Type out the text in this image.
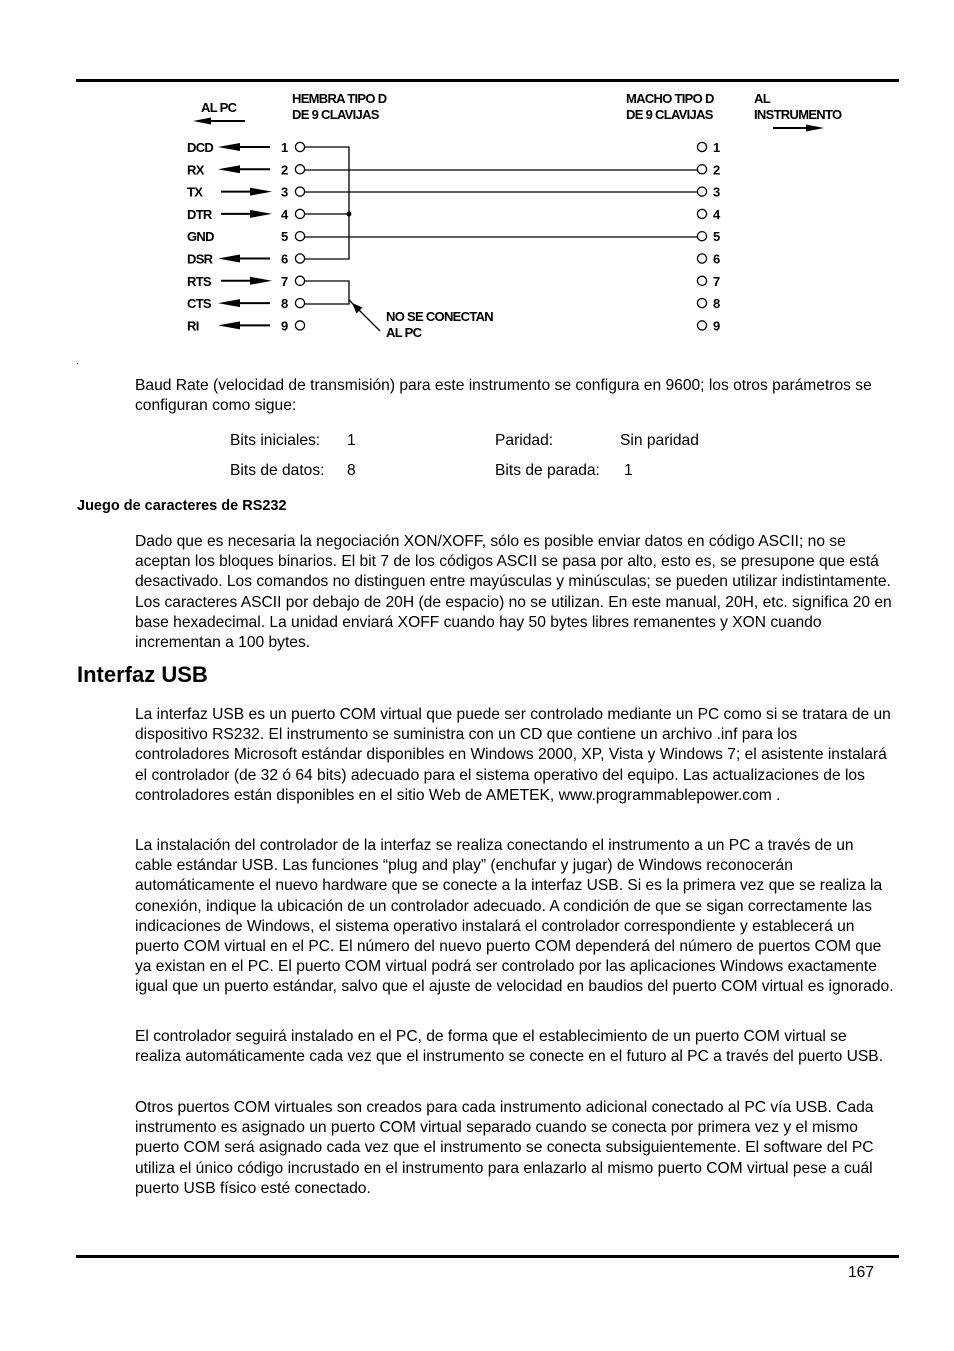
AL PC
HEMBRA TIPO D
DE 9 CLAVIJAS
MACHO TIPO D
DE 9 CLAVIJAS
AL
INSTRUMENTO
DCD	1	1
RX	2	2
TX	3	3
DTR	4	4
GND	5	5
DSR	6	6
RTS	7	7
CTS	8	8
RI	9	9
NO SE CONECTAN
AL PC
.

Baud Rate (velocidad de transmisión) para este instrumento se configura en 9600; los otros parámetros se configuran como sigue:

Bits iniciales: 1	Paridad:	Sin paridad
Bits de datos: 8	Bits de parada: 1
Juego de caracteres de RS232

Dado que es necesaria la negociación XON/XOFF, sólo es posible enviar datos en código ASCII; no se aceptan los bloques binarios. El bit 7 de los códigos ASCII se pasa por alto, esto es, se presupone que está desactivado. Los comandos no distinguen entre mayúsculas y minúsculas; se pueden utilizar indistintamente. Los caracteres ASCII por debajo de 20H (de espacio) no se utilizan. En este manual, 20H, etc. significa 20 en base hexadecimal. La unidad enviará XOFF cuando hay 50 bytes libres remanentes y XON cuando incrementan a 100 bytes.

Interfaz USB

La interfaz USB es un puerto COM virtual que puede ser controlado mediante un PC como si se tratara de un dispositivo RS232. El instrumento se suministra con un CD que contiene un archivo .inf para los controladores Microsoft estándar disponibles en Windows 2000, XP, Vista y Windows 7; el asistente instalará el controlador (de 32 ó 64 bits) adecuado para el sistema operativo del equipo. Las actualizaciones de los controladores están disponibles en el sitio Web de AMETEK, www.programmablepower.com .

La instalación del controlador de la interfaz se realiza conectando el instrumento a un PC a través de un cable estándar USB. Las funciones “plug and play” (enchufar y jugar) de Windows reconocerán automáticamente el nuevo hardware que se conecte a la interfaz USB. Si es la primera vez que se realiza la conexión, indique la ubicación de un controlador adecuado. A condición de que se sigan correctamente las indicaciones de Windows, el sistema operativo instalará el controlador correspondiente y establecerá un puerto COM virtual en el PC. El número del nuevo puerto COM dependerá del número de puertos COM que ya existan en el PC. El puerto COM virtual podrá ser controlado por las aplicaciones Windows exactamente igual que un puerto estándar, salvo que el ajuste de velocidad en baudios del puerto COM virtual es ignorado.

El controlador seguirá instalado en el PC, de forma que el establecimiento de un puerto COM virtual se realiza automáticamente cada vez que el instrumento se conecte en el futuro al PC a través del puerto USB.

Otros puertos COM virtuales son creados para cada instrumento adicional conectado al PC vía USB. Cada instrumento es asignado un puerto COM virtual separado cuando se conecta por primera vez y el mismo puerto COM será asignado cada vez que el instrumento se conecta subsiguientemente. El software del PC utiliza el único código incrustado en el instrumento para enlazarlo al mismo puerto COM virtual pese a cuál puerto USB físico esté conectado.

167
